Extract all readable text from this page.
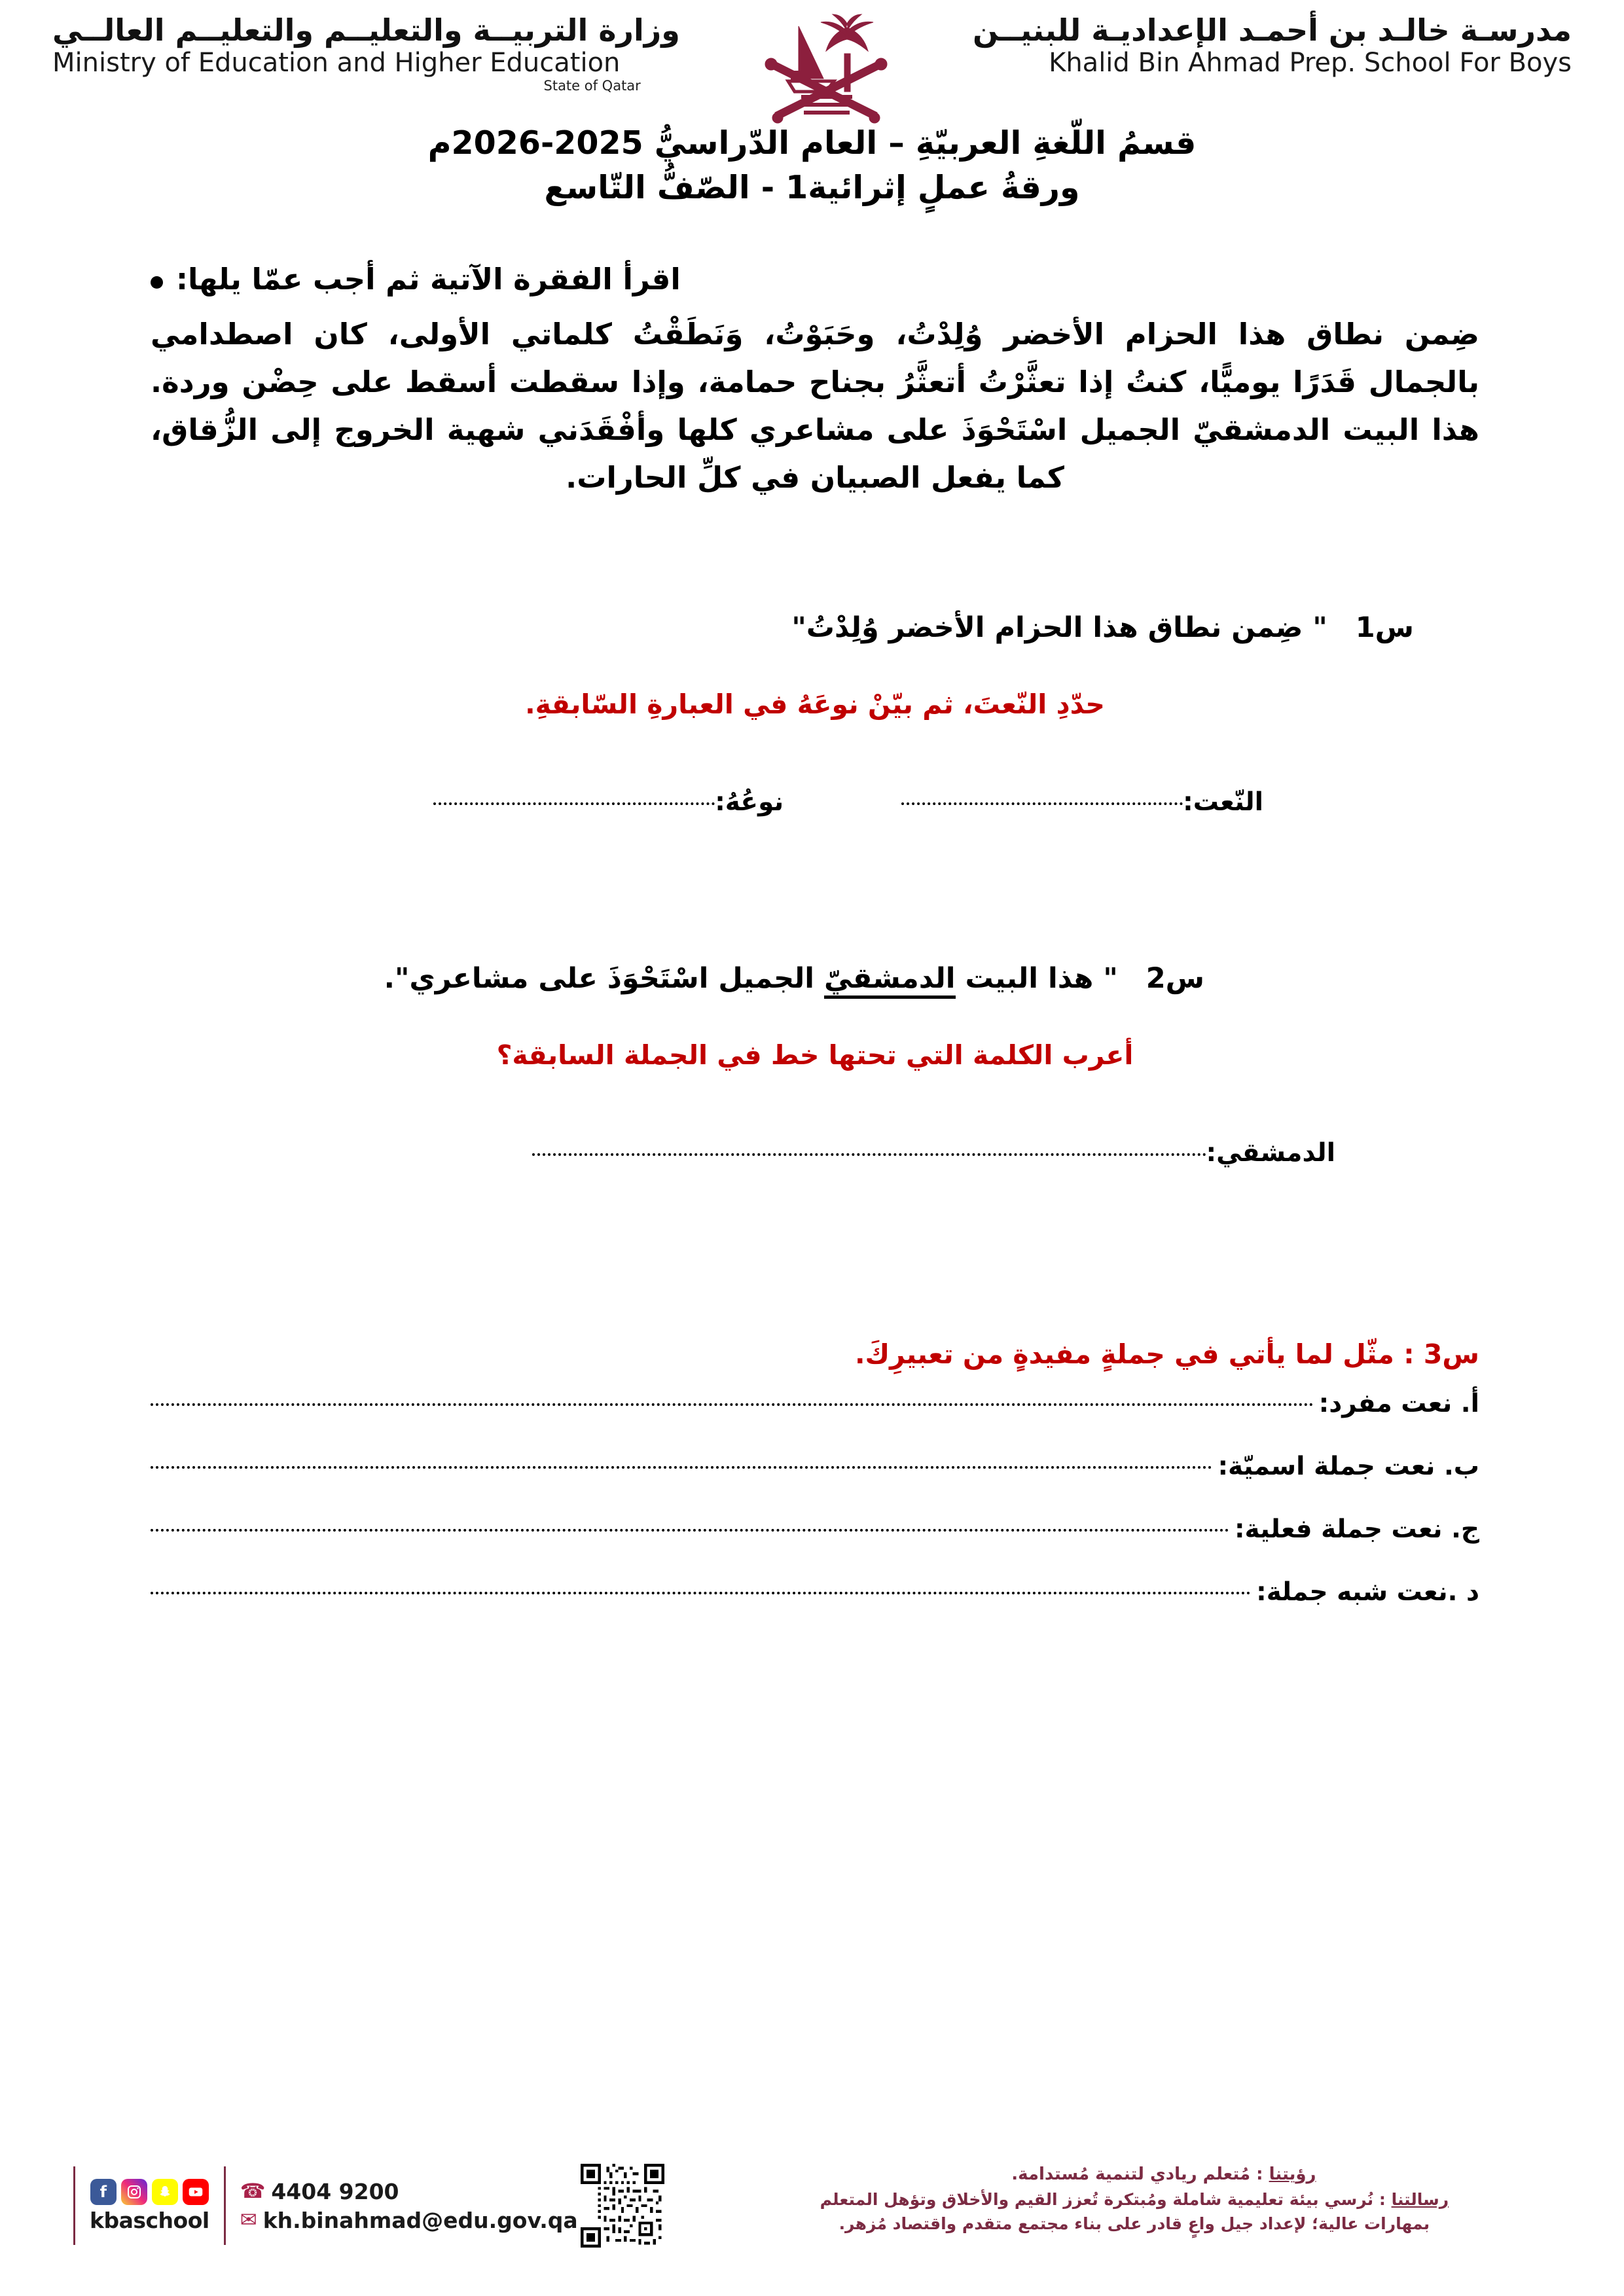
مدرسـة خالـد بن أحمـد الإعداديـة للبنيــن
Khalid Bin Ahmad Prep. School For Boys
وزارة التربيــة والتعليــم والتعليــم العالــي
Ministry of Education and Higher Education
State of Qatar
قسمُ اللّغةِ العربيّةِ – العام الدّراسيُّ 2025-2026م
ورقةُ عملٍ إثرائية1 - الصّفُّ التّاسع
اقرأ الفقرة الآتية ثم أجب عمّا يلها:

ضِمن نطاق هذا الحزام الأخضر وُلِدْتُ، وحَبَوْتُ، وَنَطَقْتُ كلماتي الأولى، كان اصطدامي بالجمال قَدَرًا يوميًّا، كنتُ إذا تعثَّرْتُ أتعثَّرُ بجناح حمامة، وإذا سقطت أسقط على حِضْن وردة. هذا البيت الدمشقيّ الجميل اسْتَحْوَذَ على مشاعري كلها وأفْقَدَني شهية الخروج إلى الزُّقاق، كما يفعل الصبيان في كلِّ الحارات.

س1 " ضِمن نطاق هذا الحزام الأخضر وُلِدْتُ"
حدّدِ النّعتَ، ثم بيّنْ نوعَهُ في العبارةِ السّابقةِ.
النّعت:
نوعُهُ:
س2 " هذا البيت الدمشقيّ الجميل اسْتَحْوَذَ على مشاعري".
أعرب الكلمة التي تحتها خط في الجملة السابقة؟
الدمشقي:
س3 : مثّل لما يأتي في جملةٍ مفيدةٍ من تعبيرِكَ.
أ. نعت مفرد:
ب. نعت جملة اسميّة:
ج. نعت جملة فعلية:
د .نعت شبه جملة:
رؤيتنا : مُتعلم ريادي لتنمية مُستدامة.
رسالتنا : نُرسي بيئة تعليمية شاملة ومُبتكرة تُعزز القيم والأخلاق وتؤهل المتعلم
بمهارات عالية؛ لإعداد جيل واعٍ قادر على بناء مجتمع متقدم واقتصاد مُزهر.
f
kbaschool
☎ 4404 9200
✉ kh.binahmad@edu.gov.qa
